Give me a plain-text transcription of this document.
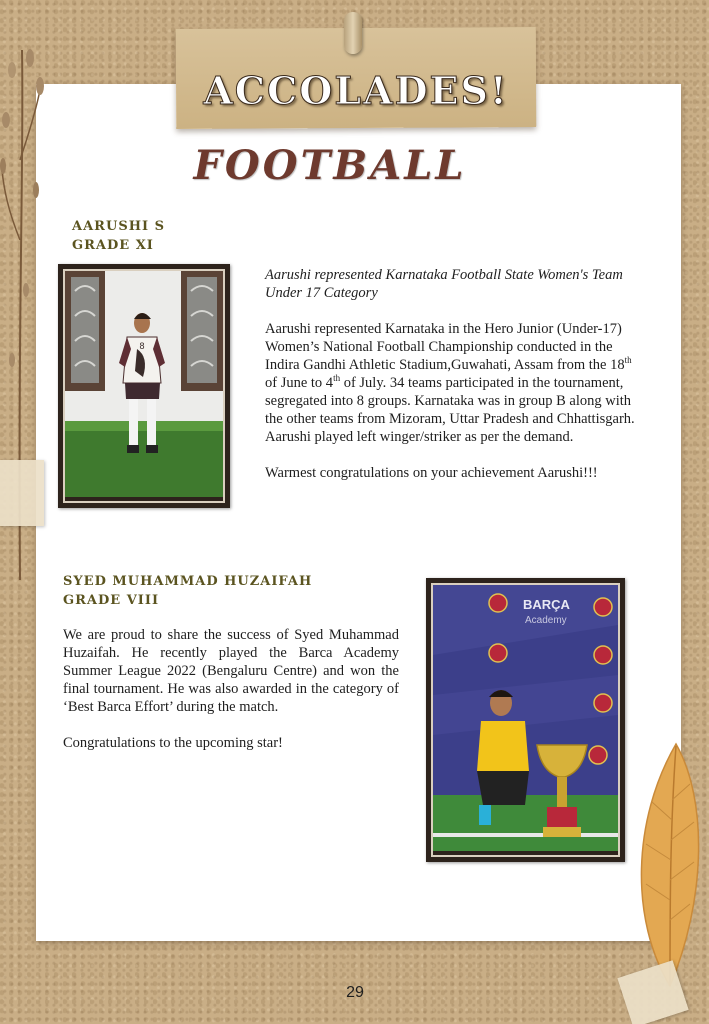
ACCOLADES!
FOOTBALL
AARUSHI S
GRADE XI
8

Aarushi represented Karnataka Football State Women's Team Under 17 Category

Aarushi represented Karnataka in the Hero Junior (Under-17) Women’s National Football Championship conducted in the Indira Gandhi Athletic Stadium,Guwahati, Assam from the 18th of June to 4th of July. 34 teams participated in the tournament, segregated into 8 groups. Karnataka was in group B along with the other teams from Mizoram, Uttar Pradesh and Chhattisgarh. Aarushi played left winger/striker as per the demand.

Warmest congratulations on your achievement Aarushi!!!

SYED MUHAMMAD HUZAIFAH
GRADE VIII

We are proud to share the success of Syed Muhammad Huzaifah. He recently played the Barca Academy Summer League 2022 (Bengaluru Centre) and won the final tournament. He was also awarded in the category of ‘Best Barca Effort’ during the match.

Congratulations to the upcoming star!

BARÇA
Academy
29
